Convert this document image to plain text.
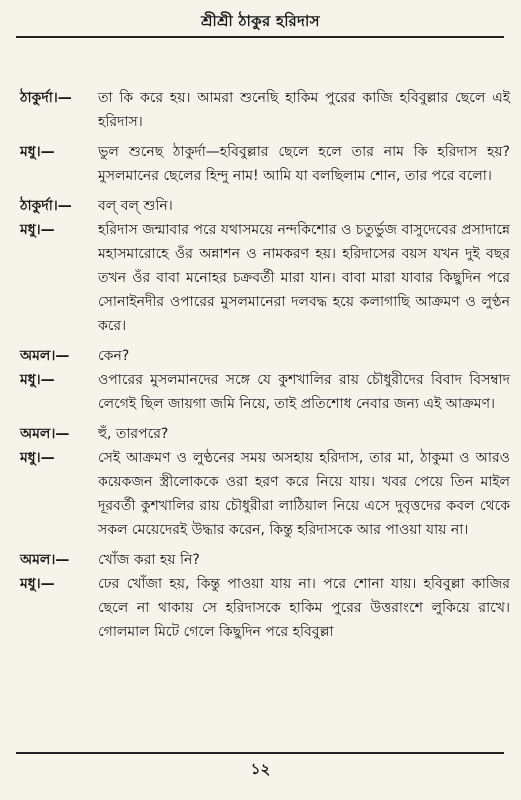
শ্রীশ্রী ঠাকুর হরিদাস
ঠাকুর্দা।—	তা কি করে হয়। আমরা শুনেছি হাকিম পুরের কাজি হবিবুল্লার ছেলে এই হরিদাস।
মধু।—	ভুল শুনেছ ঠাকুর্দা—হবিবুল্লার ছেলে হলে তার নাম কি হরিদাস হয়? মুসলমানের ছেলের হিন্দু নাম! আমি যা বলছিলাম শোন, তার পরে বলো।
ঠাকুর্দা।—	বল্ বল্ শুনি।
মধু।—	হরিদাস জন্মাবার পরে যথাসময়ে নন্দকিশোর ও চতুর্ভুজ বাসুদেবের প্রসাদান্নে মহাসমারোহে ওঁর অন্নাশন ও নামকরণ হয়। হরিদাসের বয়স যখন দুই বছর তখন ওঁর বাবা মনোহর চক্রবর্তী মারা যান। বাবা মারা যাবার কিছুদিন পরে সোনাইনদীর ওপারের মুসলমানেরা দলবদ্ধ হয়ে কলাগাছি আক্রমণ ও লুণ্ঠন করে।
অমল।—	কেন?
মধু।—	ওপারের মুসলমানদের সঙ্গে যে কুশখালির রায় চৌধুরীদের বিবাদ বিসম্বাদ লেগেই ছিল জায়গা জমি নিয়ে, তাই প্রতিশোধ নেবার জন্য এই আক্রমণ।
অমল।—	হুঁ, তারপরে?
মধু।—	সেই আক্রমণ ও লুণ্ঠনের সময় অসহায় হরিদাস, তার মা, ঠাকুমা ও আরও কয়েকজন স্ত্রীলোককে ওরা হরণ করে নিয়ে যায়। খবর পেয়ে তিন মাইল দূরবর্তী কুশখালির রায় চৌধুরীরা লাঠিয়াল নিয়ে এসে দুবৃত্তদের কবল থেকে সকল মেয়েদেরই উদ্ধার করেন, কিন্তু হরিদাসকে আর পাওয়া যায় না।
অমল।—	খোঁজ করা হয় নি?
মধু।—	ঢের খোঁজা হয়, কিন্তু পাওয়া যায় না। পরে শোনা যায়। হবিবুল্লা কাজির ছেলে না থাকায় সে হরিদাসকে হাকিম পুরের উত্তরাংশে লুকিয়ে রাখে। গোলমাল মিটে গেলে কিছুদিন পরে হবিবুল্লা
১২
